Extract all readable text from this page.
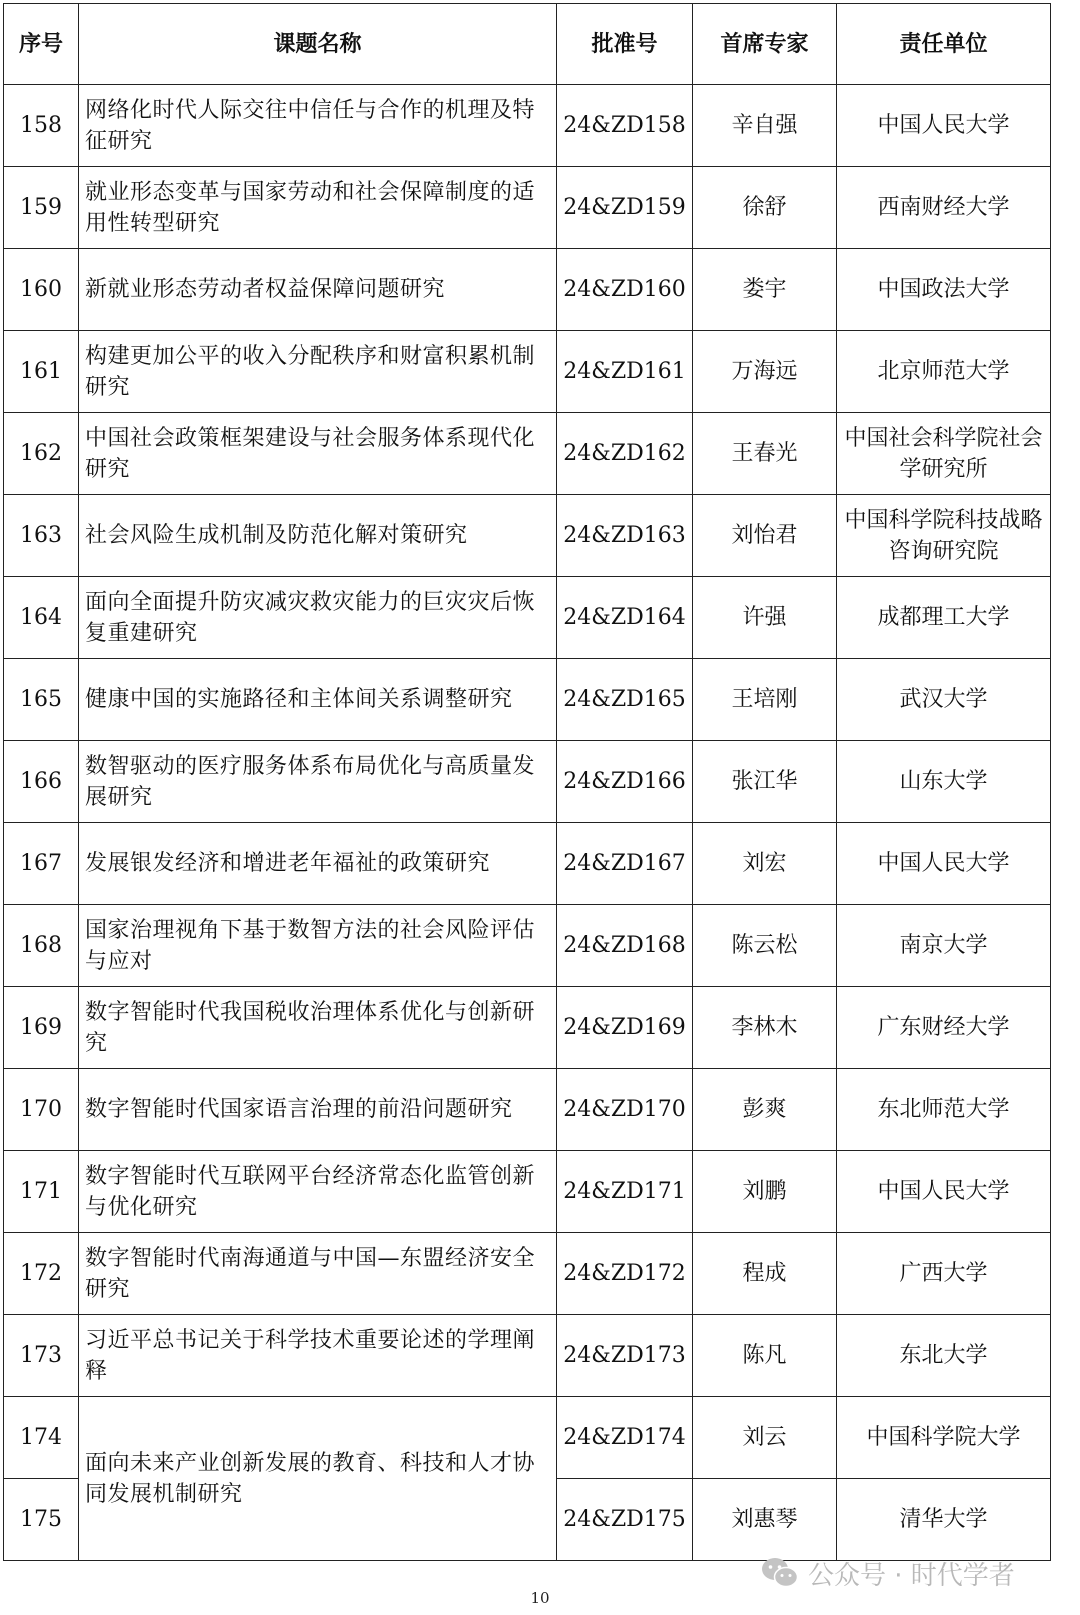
序号	课题名称	批准号	首席专家	责任单位
158	网络化时代人际交往中信任与合作的机理及特征研究	24&ZD158	辛自强	中国人民大学
159	就业形态变革与国家劳动和社会保障制度的适用性转型研究	24&ZD159	徐舒	西南财经大学
160	新就业形态劳动者权益保障问题研究	24&ZD160	娄宇	中国政法大学
161	构建更加公平的收入分配秩序和财富积累机制研究	24&ZD161	万海远	北京师范大学
162	中国社会政策框架建设与社会服务体系现代化研究	24&ZD162	王春光	中国社会科学院社会学研究所
163	社会风险生成机制及防范化解对策研究	24&ZD163	刘怡君	中国科学院科技战略咨询研究院
164	面向全面提升防灾减灾救灾能力的巨灾灾后恢复重建研究	24&ZD164	许强	成都理工大学
165	健康中国的实施路径和主体间关系调整研究	24&ZD165	王培刚	武汉大学
166	数智驱动的医疗服务体系布局优化与高质量发展研究	24&ZD166	张江华	山东大学
167	发展银发经济和增进老年福祉的政策研究	24&ZD167	刘宏	中国人民大学
168	国家治理视角下基于数智方法的社会风险评估与应对	24&ZD168	陈云松	南京大学
169	数字智能时代我国税收治理体系优化与创新研究	24&ZD169	李林木	广东财经大学
170	数字智能时代国家语言治理的前沿问题研究	24&ZD170	彭爽	东北师范大学
171	数字智能时代互联网平台经济常态化监管创新与优化研究	24&ZD171	刘鹏	中国人民大学
172	数字智能时代南海通道与中国—东盟经济安全研究	24&ZD172	程成	广西大学
173	习近平总书记关于科学技术重要论述的学理阐释	24&ZD173	陈凡	东北大学
174	面向未来产业创新发展的教育、科技和人才协同发展机制研究	24&ZD174	刘云	中国科学院大学
175		24&ZD175	刘惠琴	清华大学
10
公众号 · 时代学者
